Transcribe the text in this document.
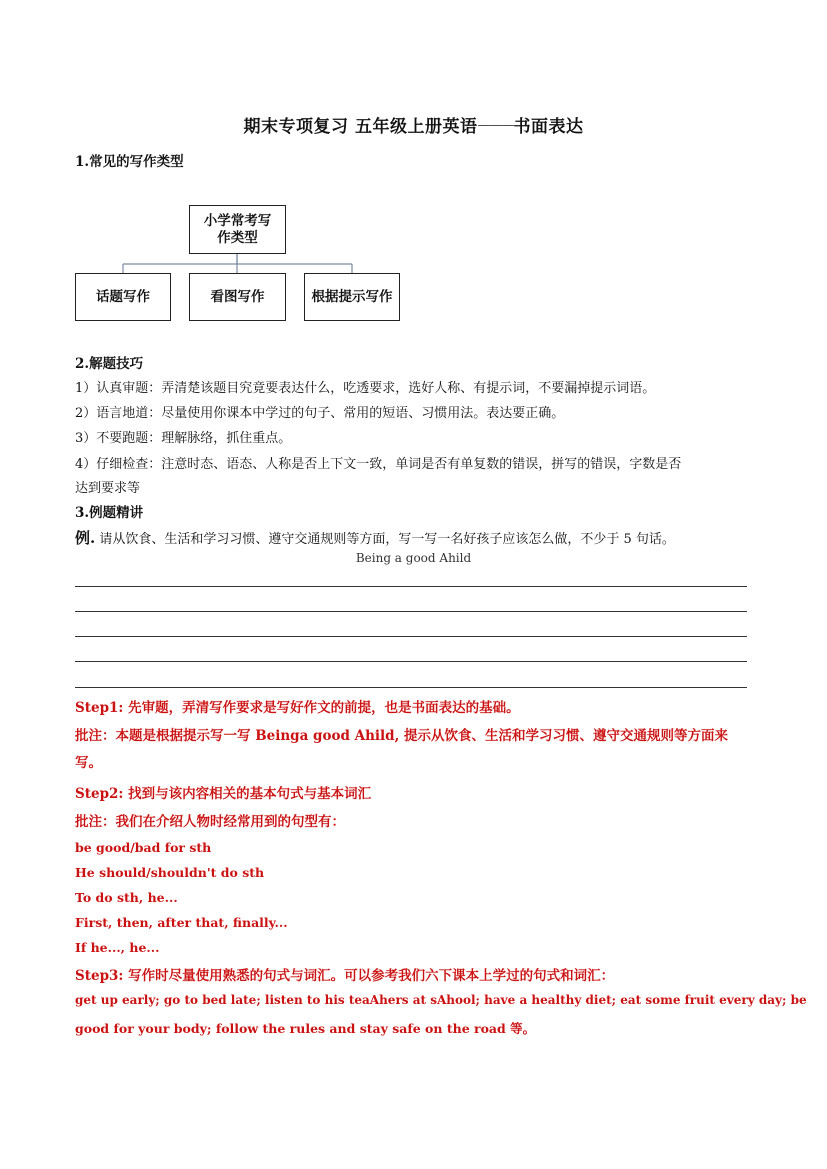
期末专项复习 五年级上册英语———书面表达
1.常见的写作类型
小学常考写作类型
话题写作	看图写作	根据提示写作
2.解题技巧
1）认真审题：弄清楚该题目究竟要表达什么，吃透要求，选好人称、有提示词，不要漏掉提示词语。
2）语言地道：尽量使用你课本中学过的句子、常用的短语、习惯用法。表达要正确。
3）不要跑题：理解脉络，抓住重点。
4）仔细检查：注意时态、语态、人称是否上下文一致，单词是否有单复数的错误，拼写的错误，字数是否
达到要求等
3.例题精讲
例. 请从饮食、生活和学习习惯、遵守交通规则等方面，写一写一名好孩子应该怎么做，不少于 5 句话。
Being a good Ahild
Step1: 先审题，弄清写作要求是写好作文的前提，也是书面表达的基础。
批注：本题是根据提示写一写 Beinga good Ahild, 提示从饮食、生活和学习习惯、遵守交通规则等方面来
写。
Step2: 找到与该内容相关的基本句式与基本词汇
批注：我们在介绍人物时经常用到的句型有：
be good/bad for sth
He should/shouldn't do sth
To do sth, he...
First, then, after that, finally...
If he..., he...
Step3: 写作时尽量使用熟悉的句式与词汇。可以参考我们六下课本上学过的句式和词汇：
get up early; go to bed late; listen to his teaAhers at sAhool; have a healthy diet; eat some fruit every day; be
good for your body; follow the rules and stay safe on the road 等。
